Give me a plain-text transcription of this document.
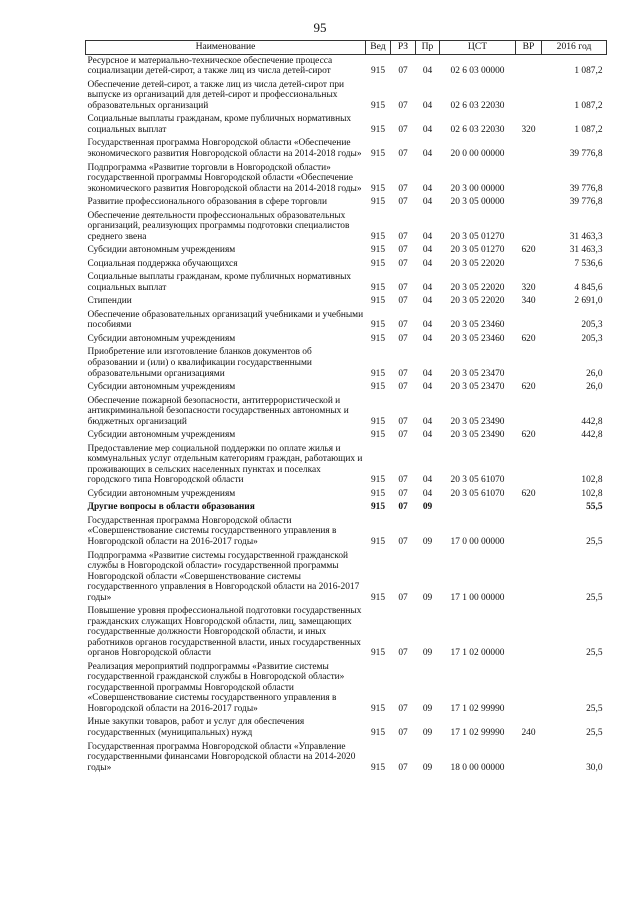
95
Наименование	Вед	РЗ	Пр	ЦСТ	ВР	2016 год
Ресурсное и материально-техническое обеспечение процесса социализации детей-сирот, а также лиц из числа детей-сирот	915	07	04	02 6 03 00000		1 087,2
Обеспечение детей-сирот, а также лиц из числа детей-сирот при выпуске из организаций для детей-сирот и профессиональных образовательных организаций	915	07	04	02 6 03 22030		1 087,2
Социальные выплаты гражданам, кроме публичных нормативных социальных выплат	915	07	04	02 6 03 22030	320	1 087,2
Государственная программа Новгородской области «Обеспечение экономического развития Новгородской области на 2014-2018 годы»	915	07	04	20 0 00 00000		39 776,8
Подпрограмма «Развитие торговли в Новгородской области» государственной программы Новгородской области «Обеспечение экономического развития Новгородской области на 2014-2018 годы»	915	07	04	20 3 00 00000		39 776,8
Развитие профессионального образования в сфере торговли	915	07	04	20 3 05 00000		39 776,8
Обеспечение деятельности профессиональных образовательных организаций, реализующих программы подготовки специалистов среднего звена	915	07	04	20 3 05 01270		31 463,3
Субсидии автономным учреждениям	915	07	04	20 3 05 01270	620	31 463,3
Социальная поддержка обучающихся	915	07	04	20 3 05 22020		7 536,6
Социальные выплаты гражданам, кроме публичных нормативных социальных выплат	915	07	04	20 3 05 22020	320	4 845,6
Стипендии	915	07	04	20 3 05 22020	340	2 691,0
Обеспечение образовательных организаций учебниками и учебными пособиями	915	07	04	20 3 05 23460		205,3
Субсидии автономным учреждениям	915	07	04	20 3 05 23460	620	205,3
Приобретение или изготовление бланков документов об образовании и (или) о квалификации государственными образовательными организациями	915	07	04	20 3 05 23470		26,0
Субсидии автономным учреждениям	915	07	04	20 3 05 23470	620	26,0
Обеспечение пожарной безопасности, антитеррористической и антикриминальной безопасности государственных автономных и бюджетных организаций	915	07	04	20 3 05 23490		442,8
Субсидии автономным учреждениям	915	07	04	20 3 05 23490	620	442,8
Предоставление мер социальной поддержки по оплате жилья и коммунальных услуг отдельным категориям граждан, работающих и проживающих в сельских населенных пунктах и поселках городского типа Новгородской области	915	07	04	20 3 05 61070		102,8
Субсидии автономным учреждениям	915	07	04	20 3 05 61070	620	102,8
Другие вопросы в области образования	915	07	09			55,5
Государственная программа Новгородской области «Совершенствование системы государственного управления в Новгородской области на 2016-2017 годы»	915	07	09	17 0 00 00000		25,5
Подпрограмма «Развитие системы государственной гражданской службы в Новгородской области» государственной программы Новгородской области «Совершенствование системы государственного управления в Новгородской области на 2016-2017 годы»	915	07	09	17 1 00 00000		25,5
Повышение уровня профессиональной подготовки государственных гражданских служащих Новгородской области, лиц, замещающих государственные должности Новгородской области, и иных работников органов государственной власти, иных государственных органов Новгородской области	915	07	09	17 1 02 00000		25,5
Реализация мероприятий подпрограммы «Развитие системы государственной гражданской службы в Новгородской области» государственной программы Новгородской области «Совершенствование системы государственного управления в Новгородской области на 2016-2017 годы»	915	07	09	17 1 02 99990		25,5
Иные закупки товаров, работ и услуг для обеспечения государственных (муниципальных) нужд	915	07	09	17 1 02 99990	240	25,5
Государственная программа Новгородской области «Управление государственными финансами Новгородской области на 2014-2020 годы»	915	07	09	18 0 00 00000		30,0
